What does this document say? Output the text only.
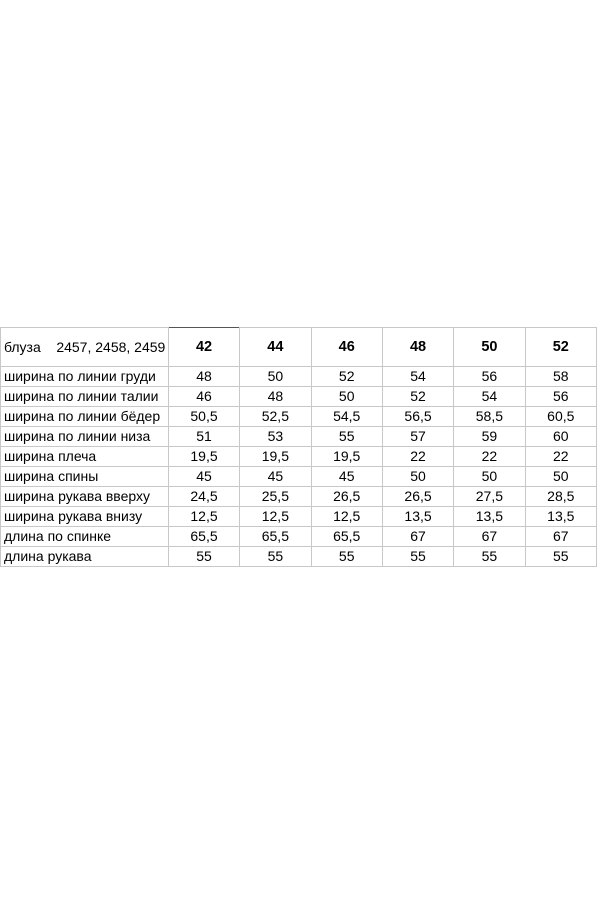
блуза    2457, 2458, 2459	42	44	46	48	50	52
ширина по линии груди	48	50	52	54	56	58
ширина по линии талии	46	48	50	52	54	56
ширина по линии бёдер	50,5	52,5	54,5	56,5	58,5	60,5
ширина по линии низа	51	53	55	57	59	60
ширина плеча	19,5	19,5	19,5	22	22	22
ширина спины	45	45	45	50	50	50
ширина рукава вверху	24,5	25,5	26,5	26,5	27,5	28,5
ширина рукава внизу	12,5	12,5	12,5	13,5	13,5	13,5
длина по спинке	65,5	65,5	65,5	67	67	67
длина рукава	55	55	55	55	55	55
